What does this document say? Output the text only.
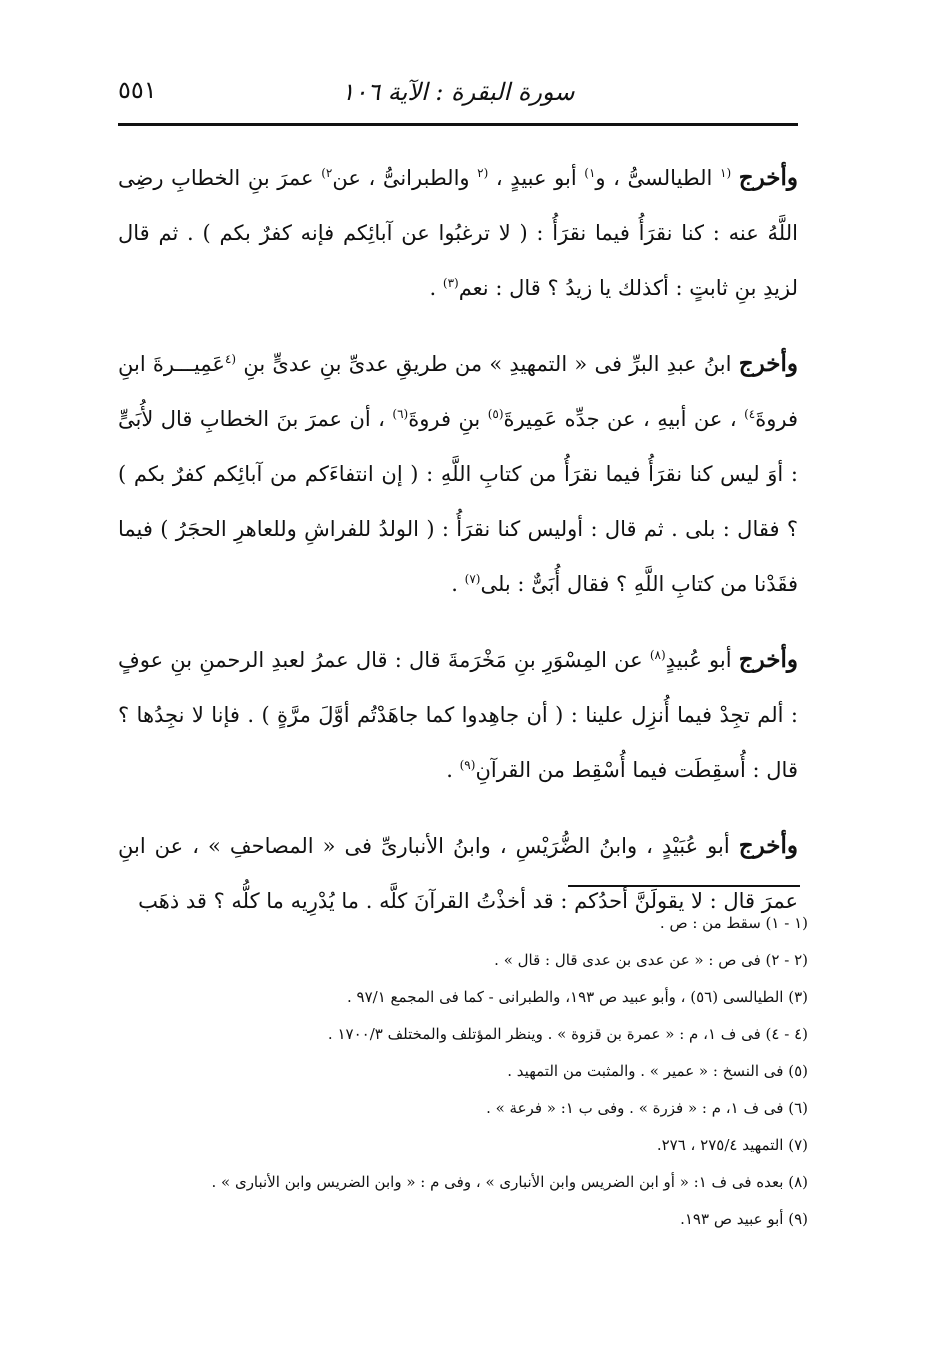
سورة البقرة : الآية ١٠٦
٥٥١

وأخرج $^{(١}$ الطيالسىُّ ، و$^{١)}$ أبو عبيدٍ ، $^{(٢}$ والطبرانىُّ ، عن$^{٢)}$ عمرَ بنِ الخطابِ رضِى اللَّهُ عنه : كنا نقرَأُ فيما نقرَأُ : ( لا ترغبُوا عن آبائِكم فإنه كفرٌ بكم ) . ثم قال لزيدِ بنِ ثابتٍ : أكذلك يا زيدُ ؟ قال : نعم$^{(٣)}$ .

وأخرج ابنُ عبدِ البرِّ فى « التمهيدِ » من طريقِ عدىِّ بنِ عدىٍّ بنِ $^{(٤}$عَمِيـــرةَ ابنِ فروةَ$^{٤)}$ ، عن أبيهِ ، عن جدِّه عَمِيرةَ$^{(٥)}$ بنِ فروةَ$^{(٦)}$ ، أن عمرَ بنَ الخطابِ قال لأُبَىٍّ : أوَ ليس كنا نقرَأُ فيما نقرَأُ من كتابِ اللَّهِ : ( إن انتفاءَكم من آبائِكم كفرٌ بكم ) ؟ فقال : بلى . ثم قال : أوليس كنا نقرَأُ : ( الولدُ للفراشِ وللعاهرِ الحجَرُ ) فيما فقَدْنا من كتابِ اللَّهِ ؟ فقال أُبَىٌّ : بلى$^{(٧)}$ .

وأخرج أبو عُبيدٍ$^{(٨)}$ عن المِسْوَرِ بنِ مَخْرَمةَ قال : قال عمرُ لعبدِ الرحمنِ بنِ عوفٍ : ألم تجِدْ فيما أُنزِل علينا : ( أن جاهِدوا كما جاهَدْتُم أوَّلَ مرَّةٍ ) . فإنا لا نجِدُها ؟ قال : أُسقِطَت فيما أُسْقِط من القرآنِ$^{(٩)}$ .

وأخرج أبو عُبَيْدٍ ، وابنُ الضُّرَيْسِ ، وابنُ الأنبارىِّ فى « المصاحفِ » ، عن ابنِ عمرَ قال : لا يقولَنَّ أحدُكم : قد أخذْتُ القرآنَ كلَّه . ما يُدْرِيه ما كلُّه ؟ قد ذهَب

(١ - ١) سقط من : ص .
(٢ - ٢) فى ص : « عن عدى بن عدى قال : قال » .
(٣) الطيالسى (٥٦) ، وأبو عبيد ص ١٩٣، والطبرانى - كما فى المجمع ٩٧/١ .
(٤ - ٤) فى ف ١، م : « عمرة بن قزوة » . وينظر المؤتلف والمختلف ١٧٠٠/٣ .
(٥) فى النسخ : « عمير » . والمثبت من التمهيد .
(٦) فى ف ١، م : « فزرة » . وفى ب ١: « فرعة » .
(٧) التمهيد ٢٧٥/٤ ، ٢٧٦.
(٨) بعده فى ف ١: « أو ابن الضريس وابن الأنبارى » ، وفى م : « وابن الضريس وابن الأنبارى » .
(٩) أبو عبيد ص ١٩٣.
